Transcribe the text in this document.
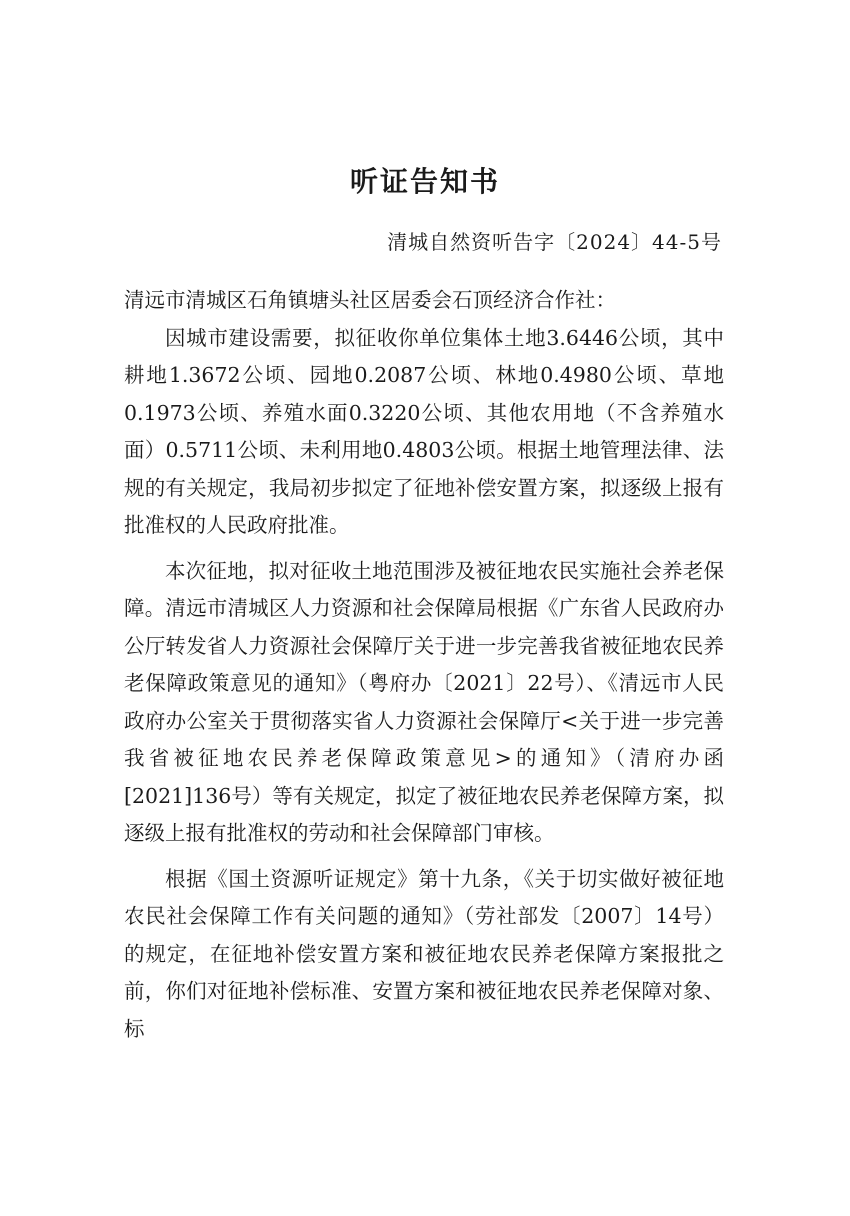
听证告知书
清城自然资听告字〔2024〕44-5号

清远市清城区石角镇塘头社区居委会石顶经济合作社：

因城市建设需要，拟征收你单位集体土地3.6446公顷，其中耕地1.3672公顷、园地0.2087公顷、林地0.4980公顷、草地0.1973公顷、养殖水面0.3220公顷、其他农用地（不含养殖水面）0.5711公顷、未利用地0.4803公顷。根据土地管理法律、法规的有关规定，我局初步拟定了征地补偿安置方案，拟逐级上报有批准权的人民政府批准。

本次征地，拟对征收土地范围涉及被征地农民实施社会养老保障。清远市清城区人力资源和社会保障局根据《广东省人民政府办公厅转发省人力资源社会保障厅关于进一步完善我省被征地农民养老保障政策意见的通知》（粤府办〔2021〕22号）、《清远市人民政府办公室关于贯彻落实省人力资源社会保障厅<关于进一步完善我省被征地农民养老保障政策意见>的通知》（清府办函[2021]136号）等有关规定，拟定了被征地农民养老保障方案，拟逐级上报有批准权的劳动和社会保障部门审核。

根据《国土资源听证规定》第十九条，《关于切实做好被征地农民社会保障工作有关问题的通知》（劳社部发〔2007〕14号）的规定，在征地补偿安置方案和被征地农民养老保障方案报批之前，你们对征地补偿标准、安置方案和被征地农民养老保障对象、标
